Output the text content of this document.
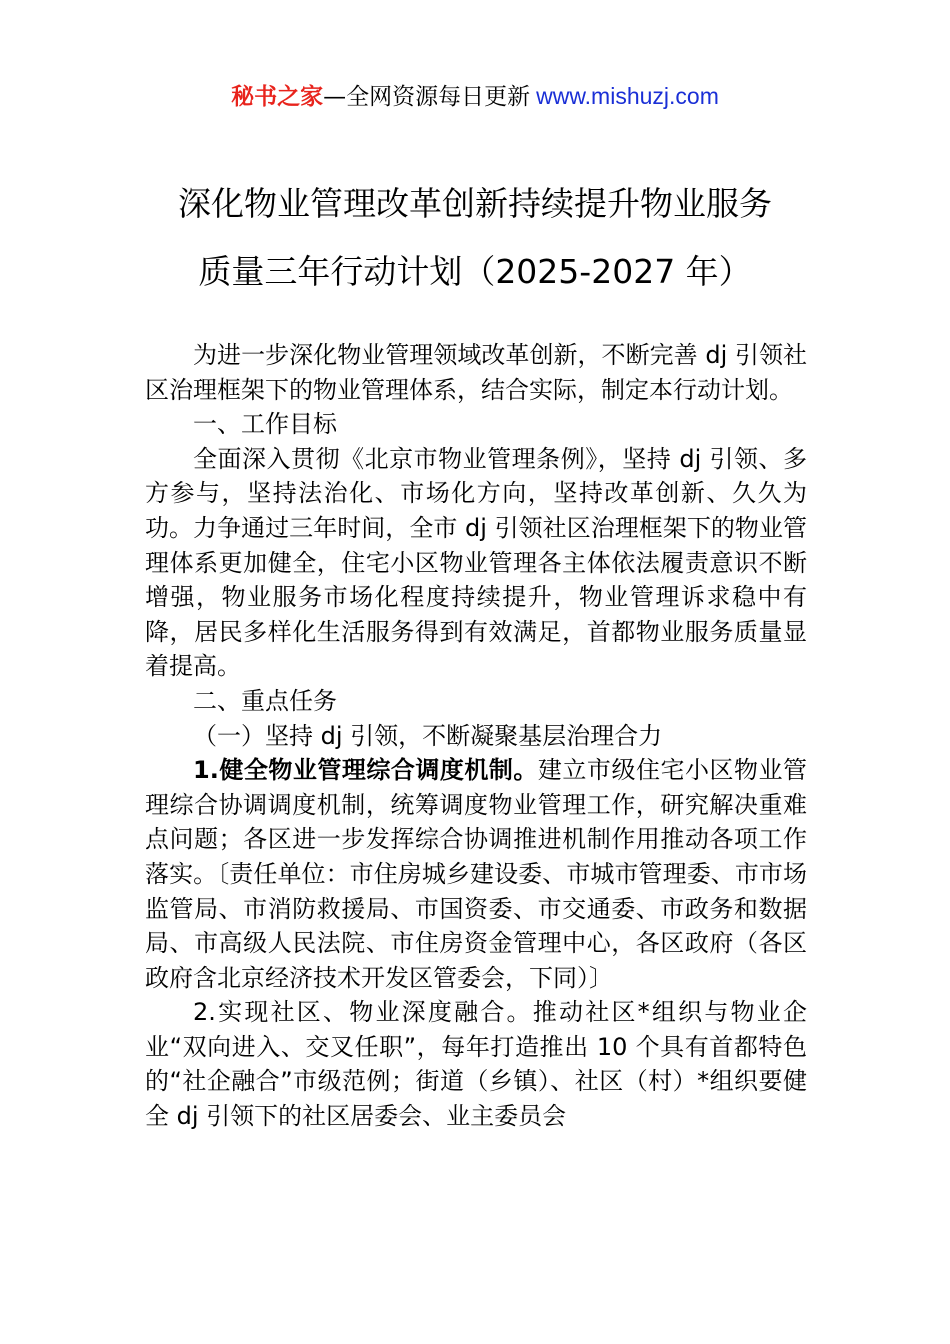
秘书之家—全网资源每日更新 www.mishuzj.com
深化物业管理改革创新持续提升物业服务
质量三年行动计划（2025-2027 年）

为进一步深化物业管理领域改革创新，不断完善 dj 引领社区治理框架下的物业管理体系，结合实际，制定本行动计划。

一、工作目标

全面深入贯彻《北京市物业管理条例》，坚持 dj 引领、多方参与，坚持法治化、市场化方向，坚持改革创新、久久为功。力争通过三年时间，全市 dj 引领社区治理框架下的物业管理体系更加健全，住宅小区物业管理各主体依法履责意识不断增强，物业服务市场化程度持续提升，物业管理诉求稳中有降，居民多样化生活服务得到有效满足，首都物业服务质量显着提高。

二、重点任务

（一）坚持 dj 引领，不断凝聚基层治理合力

1.健全物业管理综合调度机制。建立市级住宅小区物业管理综合协调调度机制，统筹调度物业管理工作，研究解决重难点问题；各区进一步发挥综合协调推进机制作用推动各项工作落实。〔责任单位：市住房城乡建设委、市城市管理委、市市场监管局、市消防救援局、市国资委、市交通委、市政务和数据局、市高级人民法院、市住房资金管理中心，各区政府（各区政府含北京经济技术开发区管委会，下同）〕

2.实现社区、物业深度融合。推动社区*组织与物业企业“双向进入、交叉任职”，每年打造推出 10 个具有首都特色的“社企融合”市级范例；街道（乡镇）、社区（村）*组织要健全 dj 引领下的社区居委会、业主委员会
